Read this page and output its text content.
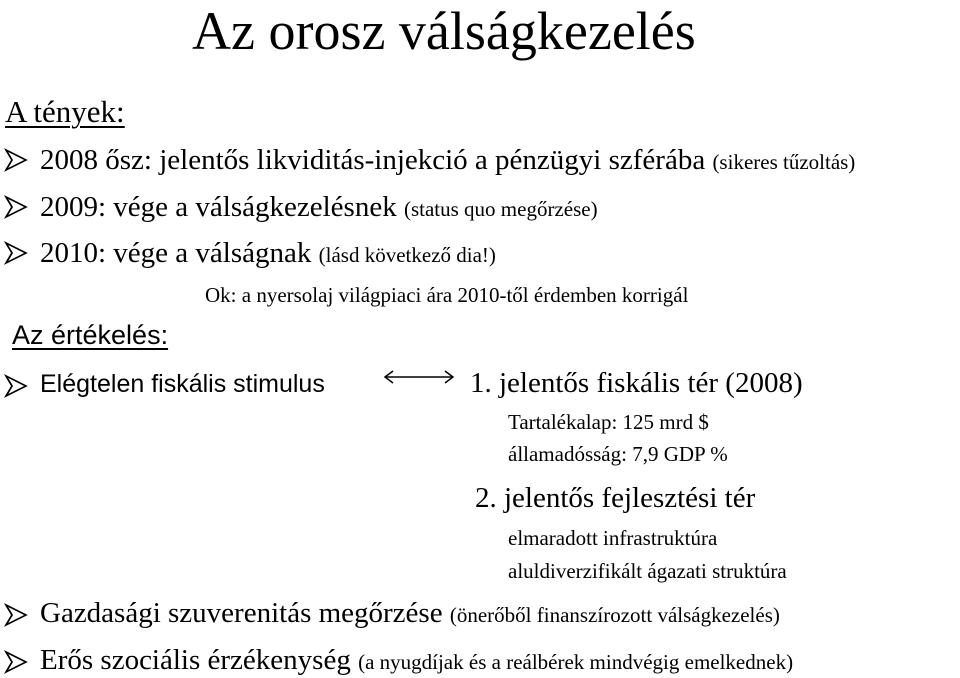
Az orosz válságkezelés
A tények:
2008 ősz: jelentős likviditás-injekció a pénzügyi szférába (sikeres tűzoltás)
2009: vége a válságkezelésnek (status quo megőrzése)
2010: vége a válságnak (lásd következő dia!)
Ok: a nyersolaj világpiaci ára 2010-től érdemben korrigál
Az értékelés:
Elégtelen fiskális stimulus	1. jelentős fiskális tér (2008)
Tartalékalap: 125 mrd $
államadósság: 7,9 GDP %
2. jelentős fejlesztési tér
elmaradott infrastruktúra
aluldiverzifikált ágazati struktúra
Gazdasági szuverenitás megőrzése (önerőből finanszírozott válságkezelés)
Erős szociális érzékenység (a nyugdíjak és a reálbérek mindvégig emelkednek)
